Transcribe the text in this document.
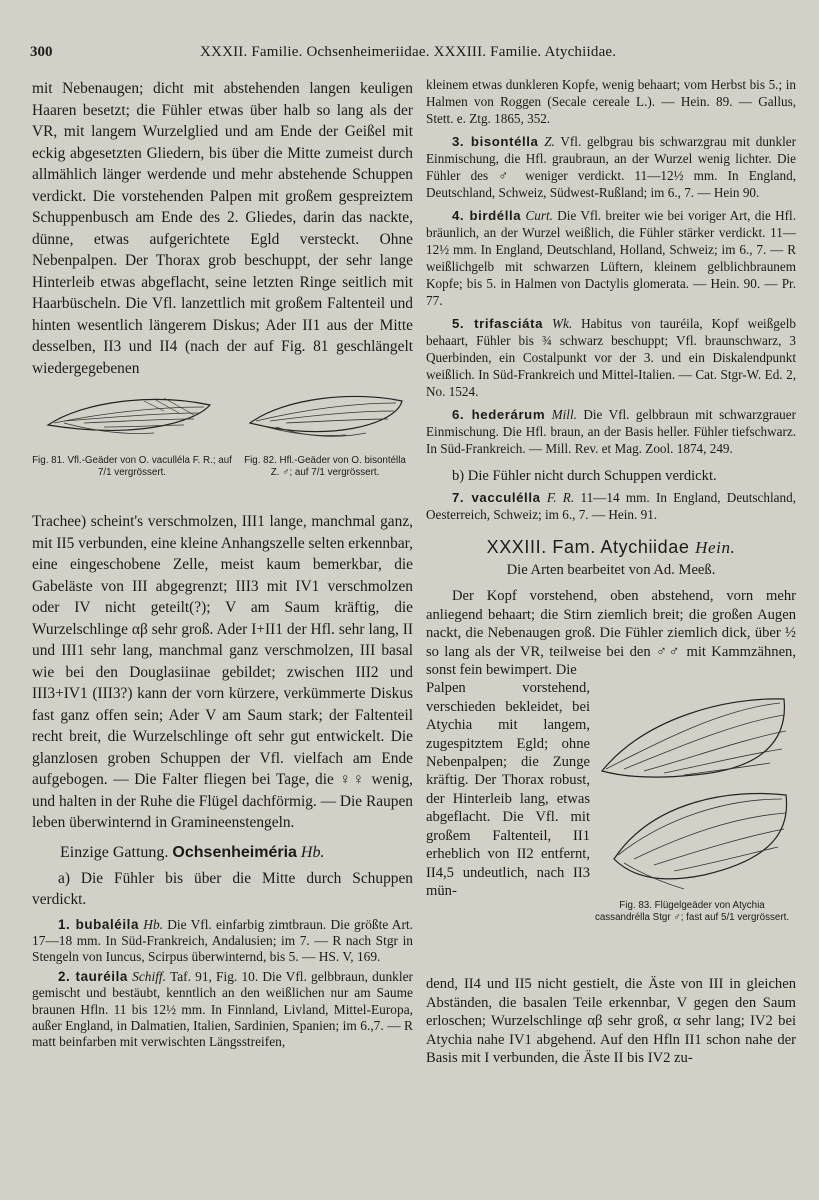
300	XXXII. Familie. Ochsenheimeriidae. XXXIII. Familie. Atychiidae.

mit Nebenaugen; dicht mit abstehenden langen keuligen Haaren besetzt; die Fühler etwas über halb so lang als der VR, mit langem Wurzelglied und am Ende der Geißel mit eckig abgesetzten Gliedern, bis über die Mitte zumeist durch allmählich länger werdende und mehr abstehende Schuppen verdickt. Die vorstehenden Palpen mit großem gespreiztem Schuppenbusch am Ende des 2. Gliedes, darin das nackte, dünne, etwas aufgerichtete Egld versteckt. Ohne Nebenpalpen. Der Thorax grob beschuppt, der sehr lange Hinterleib etwas abgeflacht, seine letzten Ringe seitlich mit Haarbüscheln. Die Vfl. lanzettlich mit großem Faltenteil und hinten wesentlich längerem Diskus; Ader II1 aus der Mitte desselben, II3 und II4 (nach der auf Fig. 81 geschlängelt wiedergegebenen

Fig. 81. Vfl.-Geäder von O. vaculléla F. R.; auf 7/1 vergrössert.
Fig. 82. Hfl.-Geäder von O. bisontélla Z. ♂; auf 7/1 vergrössert.

Trachee) scheint's verschmolzen, III1 lange, manchmal ganz, mit II5 verbunden, eine kleine Anhangszelle selten erkennbar, eine eingeschobene Zelle, meist kaum bemerkbar, die Gabeläste von III abgegrenzt; III3 mit IV1 verschmolzen oder IV nicht geteilt(?); V am Saum kräftig, die Wurzelschlinge αβ sehr groß. Ader I+II1 der Hfl. sehr lang, II und III1 sehr lang, manchmal ganz verschmolzen, III basal wie bei den Douglasiinae gebildet; zwischen III2 und III3+IV1 (III3?) kann der vorn kürzere, verkümmerte Diskus fast ganz offen sein; Ader V am Saum stark; der Faltenteil recht breit, die Wurzelschlinge oft sehr gut entwickelt. Die glanzlosen groben Schuppen der Vfl. vielfach am Ende aufgebogen. — Die Falter fliegen bei Tage, die ♀♀ wenig, und halten in der Ruhe die Flügel dachförmig. — Die Raupen leben überwinternd in Gramineenstengeln.

Einzige Gattung. Ochsenheiméria Hb.

a) Die Fühler bis über die Mitte durch Schuppen verdickt.

1. bubaléila Hb. Die Vfl. einfarbig zimtbraun. Die größte Art. 17—18 mm. In Süd-Frankreich, Andalusien; im 7. — R nach Stgr in Stengeln von Iuncus, Scirpus überwinternd, bis 5. — HS. V, 169.

2. tauréila Schiff. Taf. 91, Fig. 10. Die Vfl. gelbbraun, dunkler gemischt und bestäubt, kenntlich an den weißlichen nur am Saume braunen Hfln. 11 bis 12½ mm. In Finnland, Livland, Mittel-Europa, außer England, in Dalmatien, Italien, Sardinien, Spanien; im 6.,7. — R matt beinfarben mit verwischten Längsstreifen,

kleinem etwas dunkleren Kopfe, wenig behaart; vom Herbst bis 5.; in Halmen von Roggen (Secale cereale L.). — Hein. 89. — Gallus, Stett. e. Ztg. 1865, 352.

3. bisontélla Z. Vfl. gelbgrau bis schwarzgrau mit dunkler Einmischung, die Hfl. graubraun, an der Wurzel wenig lichter. Die Fühler des ♂ weniger verdickt. 11—12½ mm. In England, Deutschland, Schweiz, Südwest-Rußland; im 6., 7. — Hein 90.

4. birdélla Curt. Die Vfl. breiter wie bei voriger Art, die Hfl. bräunlich, an der Wurzel weißlich, die Fühler stärker verdickt. 11—12½ mm. In England, Deutschland, Holland, Schweiz; im 6., 7. — R weißlichgelb mit schwarzen Lüftern, kleinem gelblichbraunem Kopfe; bis 5. in Halmen von Dactylis glomerata. — Hein. 90. — Pr. 77.

5. trifasciáta Wk. Habitus von tauréila, Kopf weißgelb behaart, Fühler bis ¾ schwarz beschuppt; Vfl. braunschwarz, 3 Querbinden, ein Costalpunkt vor der 3. und ein Diskalendpunkt weißlich. In Süd-Frankreich und Mittel-Italien. — Cat. Stgr-W. Ed. 2, No. 1524.

6. hederárum Mill. Die Vfl. gelbbraun mit schwarzgrauer Einmischung. Die Hfl. braun, an der Basis heller. Fühler tiefschwarz. In Süd-Frankreich. — Mill. Rev. et Mag. Zool. 1874, 249.

b) Die Fühler nicht durch Schuppen verdickt.

7. vacculélla F. R. 11—14 mm. In England, Deutschland, Oesterreich, Schweiz; im 6., 7. — Hein. 91.

XXXIII. Fam. Atychiidae Hein.
Die Arten bearbeitet von Ad. Meeß.

Der Kopf vorstehend, oben abstehend, vorn mehr anliegend behaart; die Stirn ziemlich breit; die großen Augen nackt, die Nebenaugen groß. Die Fühler ziemlich dick, über ½ so lang als der VR, teilweise bei den ♂♂ mit Kammzähnen, sonst fein bewimpert. Die

Palpen vorstehend, verschieden bekleidet, bei Atychia mit langem, zugespitztem Egld; ohne Nebenpalpen; die Zunge kräftig. Der Thorax robust, der Hinterleib lang, etwas abgeflacht. Die Vfl. mit großem Faltenteil, II1 erheblich von II2 entfernt, II4,5 undeutlich, nach II3 mün-

Fig. 83. Flügelgeäder von Atychia cassandrélla Stgr ♂; fast auf 5/1 vergrössert.

dend, II4 und II5 nicht gestielt, die Äste von III in gleichen Abständen, die basalen Teile erkennbar, V gegen den Saum erloschen; Wurzelschlinge αβ sehr groß, α sehr lang; IV2 bei Atychia nahe IV1 abgehend. Auf den Hfln II1 schon nahe der Basis mit I verbunden, die Äste II bis IV2 zu-
